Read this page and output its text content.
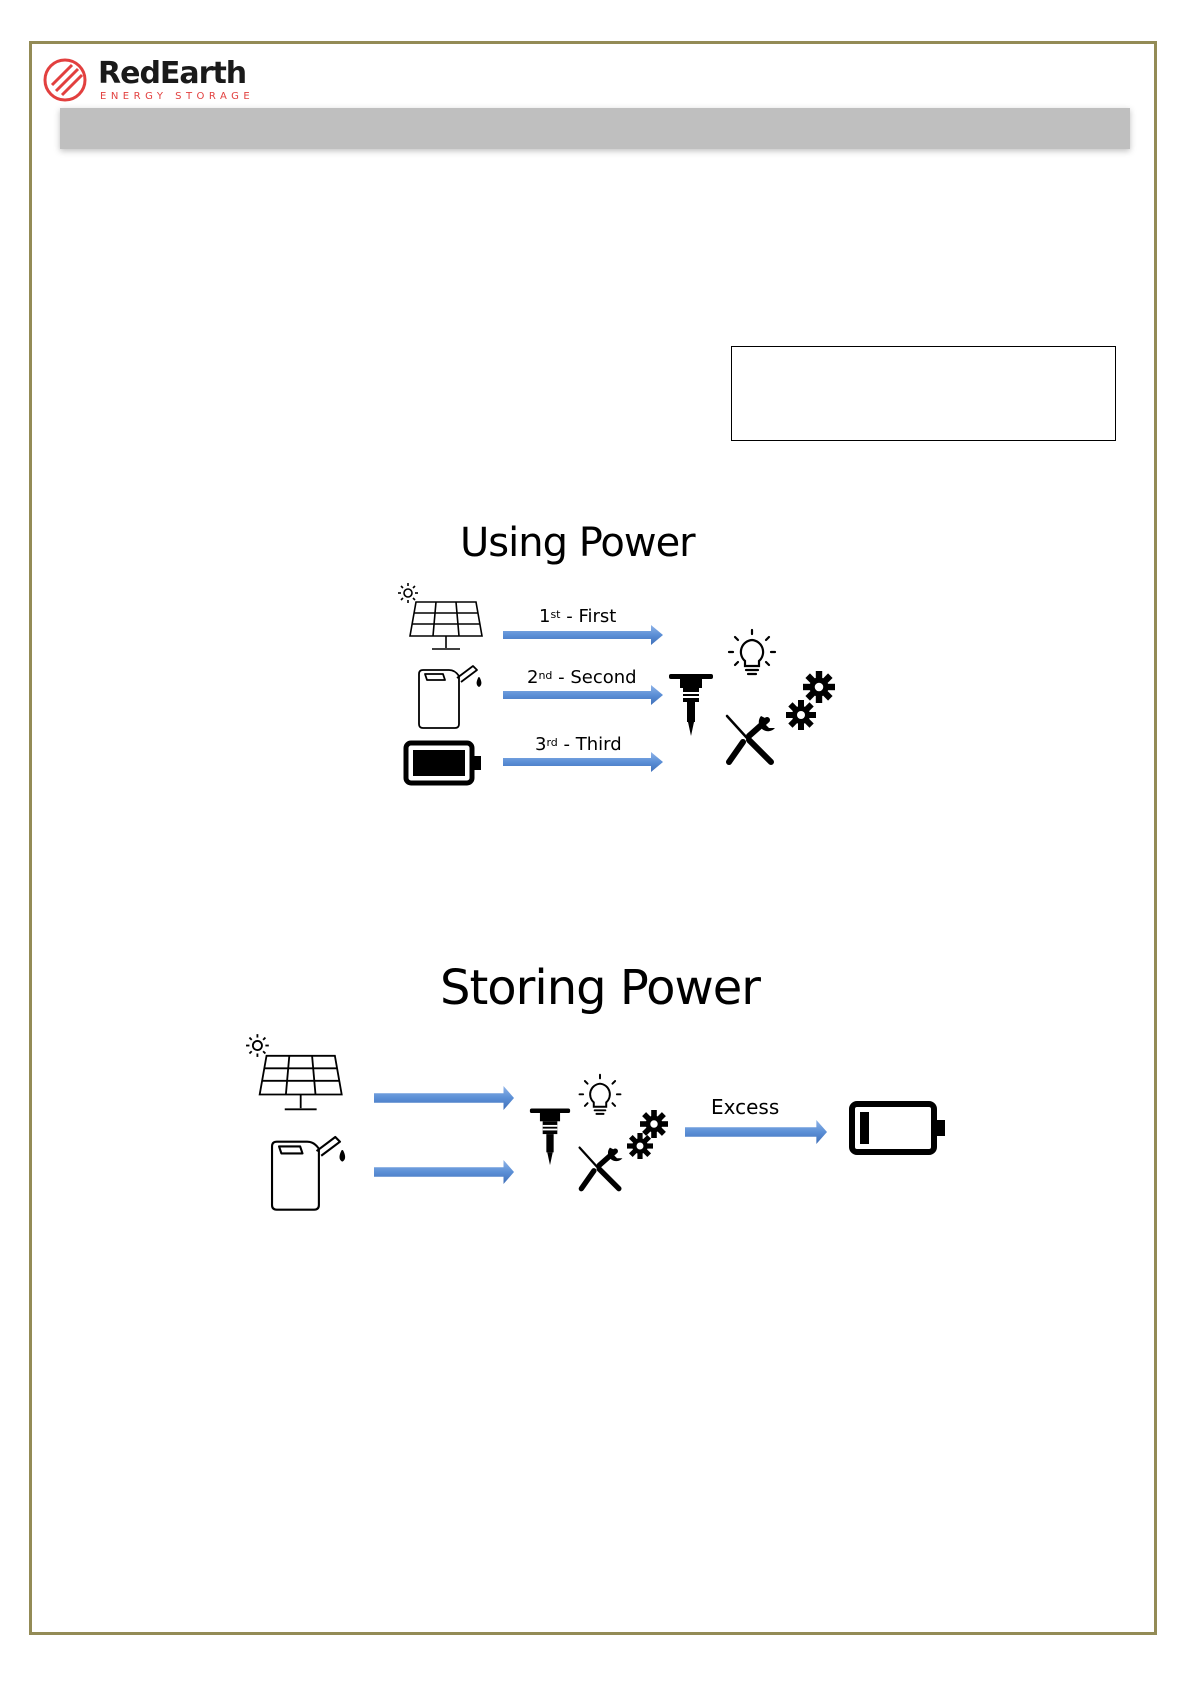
RedEarth
ENERGY STORAGE
Using Power
1st - First
2nd - Second
3rd - Third
Storing Power
Excess
